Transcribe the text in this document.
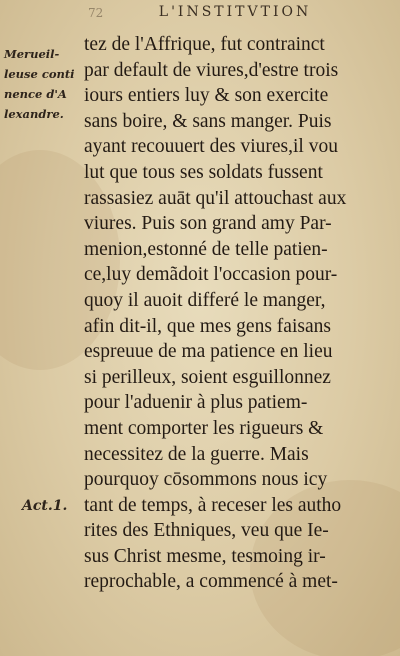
72	L'INSTITVTION
Merueil-
leuse conti
nence d'A
lexandre.
Act.1.
tez de l'Affrique, fut contrainct
par default de viures,d'estre trois
iours entiers luy & son exercite
sans boire, & sans manger. Puis
ayant recouuert des viures,il vou
lut que tous ses soldats fussent
rassasiez auāt qu'il attouchast aux
viures. Puis son grand amy Par-
menion,estonné de telle patien-
ce,luy demãdoit l'occasion pour-
quoy il auoit differé le manger,
afin dit-il, que mes gens faisans
espreuue de ma patience en lieu
si perilleux, soient esguillonnez
pour l'aduenir à plus patiem-
ment comporter les rigueurs &
necessitez de la guerre. Mais
pourquoy cōsommons nous icy
tant de temps, à receser les autho
rites des Ethniques, veu que Ie-
sus Christ mesme, tesmoing ir-
reprochable, a commencé à met-
